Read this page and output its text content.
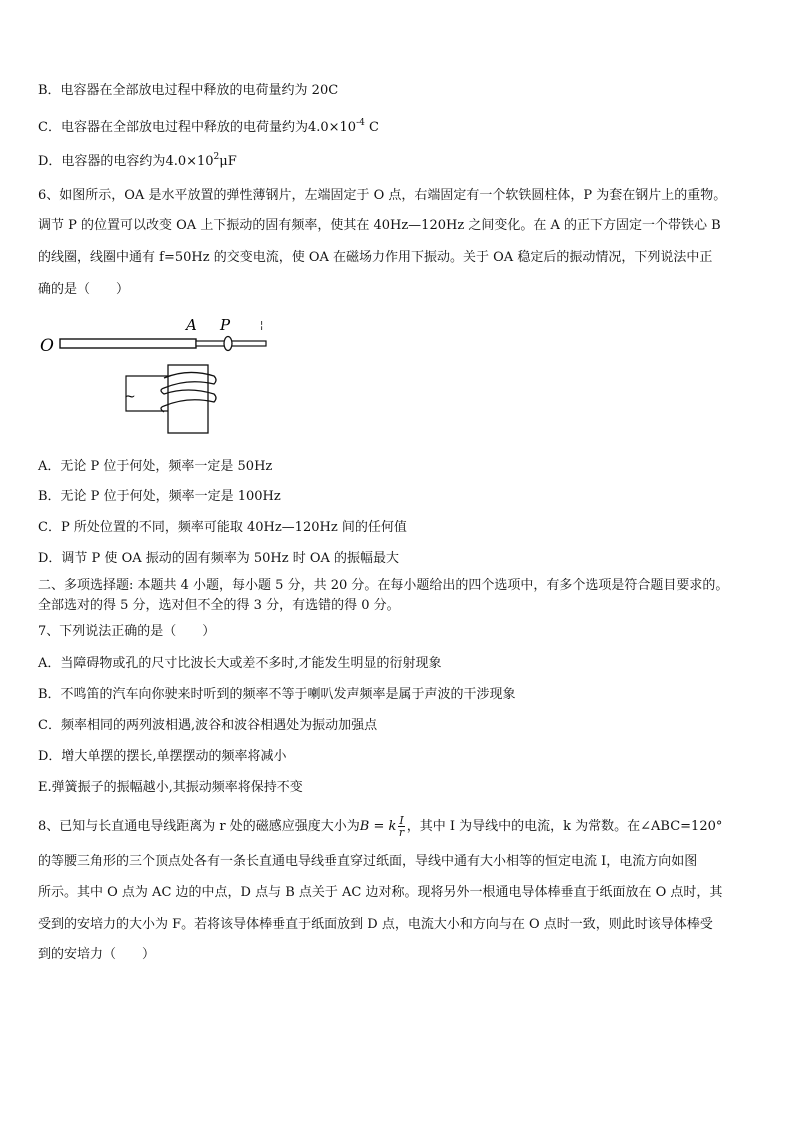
B．电容器在全部放电过程中释放的电荷量约为 20C
C．电容器在全部放电过程中释放的电荷量约为$4.0\times 10^{-4}$ C
D．电容器的电容约为$4.0\times 10^2\mu F$
6、如图所示，OA 是水平放置的弹性薄钢片，左端固定于 O 点，右端固定有一个软铁圆柱体，P 为套在钢片上的重物。
调节 P 的位置可以改变 OA 上下振动的固有频率，使其在 40Hz—120Hz 之间变化。在 A 的正下方固定一个带铁心 B
的线圈，线圈中通有 f=50Hz 的交变电流，使 OA 在磁场力作用下振动。关于 OA 稳定后的振动情况，下列说法中正
确的是（　　）
O
A P	¦
~
A．无论 P 位于何处，频率一定是 50Hz
B．无论 P 位于何处，频率一定是 100Hz
C．P 所处位置的不同，频率可能取 40Hz—120Hz 间的任何值
D．调节 P 使 OA 振动的固有频率为 50Hz 时 OA 的振幅最大
二、多项选择题: 本题共 4 小题，每小题 5 分，共 20 分。在每小题给出的四个选项中，有多个选项是符合题目要求的。
全部选对的得 5 分，选对但不全的得 3 分，有选错的得 0 分。
7、下列说法正确的是（　　）
A．当障碍物或孔的尺寸比波长大或差不多时,才能发生明显的衍射现象
B．不鸣笛的汽车向你驶来时听到的频率不等于喇叭发声频率是属于声波的干涉现象
C．频率相同的两列波相遇,波谷和波谷相遇处为振动加强点
D．增大单摆的摆长,单摆摆动的频率将减小
E.弹簧振子的振幅越小,其振动频率将保持不变
8、已知与长直通电导线距离为 r 处的磁感应强度大小为B = k $\frac{I}{r}$ ，其中 I 为导线中的电流，k 为常数。在∠ABC=120°
的等腰三角形的三个顶点处各有一条长直通电导线垂直穿过纸面，导线中通有大小相等的恒定电流 I，电流方向如图
所示。其中 O 点为 AC 边的中点，D 点与 B 点关于 AC 边对称。现将另外一根通电导体棒垂直于纸面放在 O 点时，其
受到的安培力的大小为 F。若将该导体棒垂直于纸面放到 D 点，电流大小和方向与在 O 点时一致，则此时该导体棒受
到的安培力（　　）
